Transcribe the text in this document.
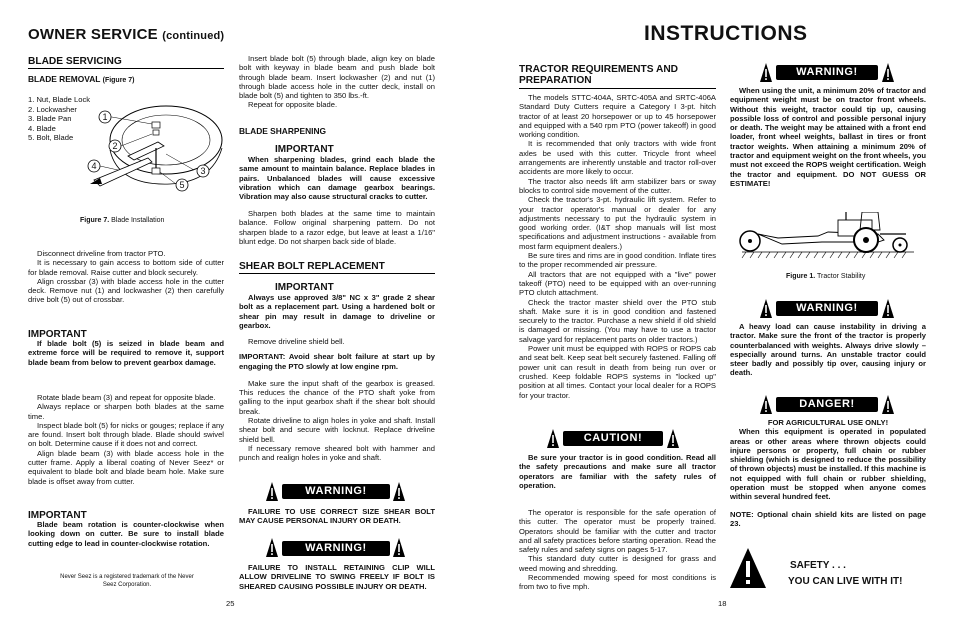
OWNER SERVICE (continued)
BLADE SERVICING
BLADE REMOVAL (Figure 7)

1. Nut, Blade Lock

2. Lockwasher

3. Blade Pan

4. Blade

5. Bolt, Blade

1
2
3
4
5
Figure 7. Blade Installation

Disconnect driveline from tractor PTO.

It is necessary to gain access to bottom side of cutter for blade removal. Raise cutter and block securely.

Align crossbar (3) with blade access hole in the cutter deck. Remove nut (1) and lockwasher (2) then carefully drive bolt (5) out of crossbar.

IMPORTANT

If blade bolt (5) is seized in blade beam and extreme force will be required to remove it, support blade beam from below to prevent gearbox damage.

Rotate blade beam (3) and repeat for opposite blade.

Always replace or sharpen both blades at the same time.

Inspect blade bolt (5) for nicks or gouges; replace if any are found. Insert bolt through blade. Blade should swivel on bolt. Determine cause if it does not and correct.

Align blade beam (3) with blade access hole in the cutter frame. Apply a liberal coating of Never Seez* or equivalent to blade bolt and blade beam hole. Make sure blade is offset away from cutter.

IMPORTANT

Blade beam rotation is counter-clockwise when looking down on cutter. Be sure to install blade cutting edge to lead in counter-clockwise rotation.

Never Seez is a registered trademark of the Never Seez Corporation.
25

Insert blade bolt (5) through blade, align key on blade bolt with keyway in blade beam and push blade bolt through blade beam. Insert lockwasher (2) and nut (1) through blade access hole in the cutter deck, install on blade bolt (5) and tighten to 350 lbs.-ft.

Repeat for opposite blade.

BLADE SHARPENING
IMPORTANT

When sharpening blades, grind each blade the same amount to maintain balance. Replace blades in pairs. Unbalanced blades will cause excessive vibration which can damage gearbox bearings. Vibration may also cause structural cracks to cutter.

Sharpen both blades at the same time to maintain balance. Follow original sharpening pattern. Do not sharpen blade to a razor edge, but leave at least a 1/16" blunt edge. Do not sharpen back side of blade.

SHEAR BOLT REPLACEMENT
IMPORTANT

Always use approved 3/8" NC x 3" grade 2 shear bolt as a replacement part. Using a hardened bolt or shear pin may result in damage to driveline or gearbox.

Remove driveline shield bell.

IMPORTANT: Avoid shear bolt failure at start up by engaging the PTO slowly at low engine rpm.

Make sure the input shaft of the gearbox is greased. This reduces the chance of the PTO shaft yoke from galling to the input gearbox shaft if the shear bolt should break.

Rotate driveline to align holes in yoke and shaft. Install shear bolt and secure with locknut. Replace driveline shield bell.

If necessary remove sheared bolt with hammer and punch and realign holes in yoke and shaft.

WARNING!

FAILURE TO USE CORRECT SIZE SHEAR BOLT MAY CAUSE PERSONAL INJURY OR DEATH.

WARNING!

FAILURE TO INSTALL RETAINING CLIP WILL ALLOW DRIVELINE TO SWING FREELY IF BOLT IS SHEARED CAUSING POSSIBLE INJURY OR DEATH.

INSTRUCTIONS
TRACTOR REQUIREMENTS AND PREPARATION

The models STTC-404A, SRTC-405A and SRTC-406A Standard Duty Cutters require a Category I 3-pt. hitch tractor of at least 20 horsepower or up to 45 horsepower and equipped with a 540 rpm PTO (power takeoff) in good working condition.

It is recommended that only tractors with wide front axles be used with this cutter. Tricycle front wheel arrangements are inherently unstable and tractor roll-over accidents are more likely to occur.

The tractor also needs lift arm stabilizer bars or sway blocks to control side movement of the cutter.

Check the tractor's 3-pt. hydraulic lift system. Refer to your tractor operator's manual or dealer for any adjustments necessary to put the hydraulic system in good working order. (I&T shop manuals will list most specifications and adjustment instructions - available from most farm equipment dealers.)

Be sure tires and rims are in good condition. Inflate tires to the proper recommended air pressure.

All tractors that are not equipped with a "live" power takeoff (PTO) need to be equipped with an over-running PTO clutch attachment.

Check the tractor master shield over the PTO stub shaft. Make sure it is in good condition and fastened securely to the tractor. Purchase a new shield if old shield is damaged or missing. (You may have to use a tractor salvage yard for replacement parts on older tractors.)

Power unit must be equipped with ROPS or ROPS cab and seat belt. Keep seat belt securely fastened. Falling off power unit can result in death from being run over or crushed. Keep foldable ROPS systems in "locked up" position at all times. Contact your local dealer for a ROPS for your tractor.

CAUTION!

Be sure your tractor is in good condition. Read all the safety precautions and make sure all tractor operators are familiar with the safety rules of operation.

The operator is responsible for the safe operation of this cutter. The operator must be properly trained. Operators should be familiar with the cutter and tractor and all safety practices before starting operation. Read the safety rules and safety signs on pages 5-17.

This standard duty cutter is designed for grass and weed mowing and shredding.

Recommended mowing speed for most conditions is from two to five mph.

18
WARNING!

When using the unit, a minimum 20% of tractor and equipment weight must be on tractor front wheels. Without this weight, tractor could tip up, causing possible loss of control and possible personal injury or death. The weight may be attained with a front end loader, front wheel weights, ballast in tires or front tractor weights. When attaining a minimum 20% of tractor and equipment weight on the front wheels, you must not exceed the ROPS weight certification. Weigh the tractor and equipment. DO NOT GUESS OR ESTIMATE!

Figure 1. Tractor Stability
WARNING!

A heavy load can cause instability in driving a tractor. Make sure the front of the tractor is properly counterbalanced with weights. Always drive slowly – especially around turns. An unstable tractor could steer badly and possibly tip over, causing injury or death.

DANGER!

FOR AGRICULTURAL USE ONLY!

When this equipment is operated in populated areas or other areas where thrown objects could injure persons or property, full chain or rubber shielding (which is designed to reduce the possibility of thrown objects) must be installed. If this machine is not equipped with full chain or rubber shielding, operation must be stopped when anyone comes within several hundred feet.

NOTE: Optional chain shield kits are listed on page 23.

SAFETY . . .
YOU CAN LIVE WITH IT!
